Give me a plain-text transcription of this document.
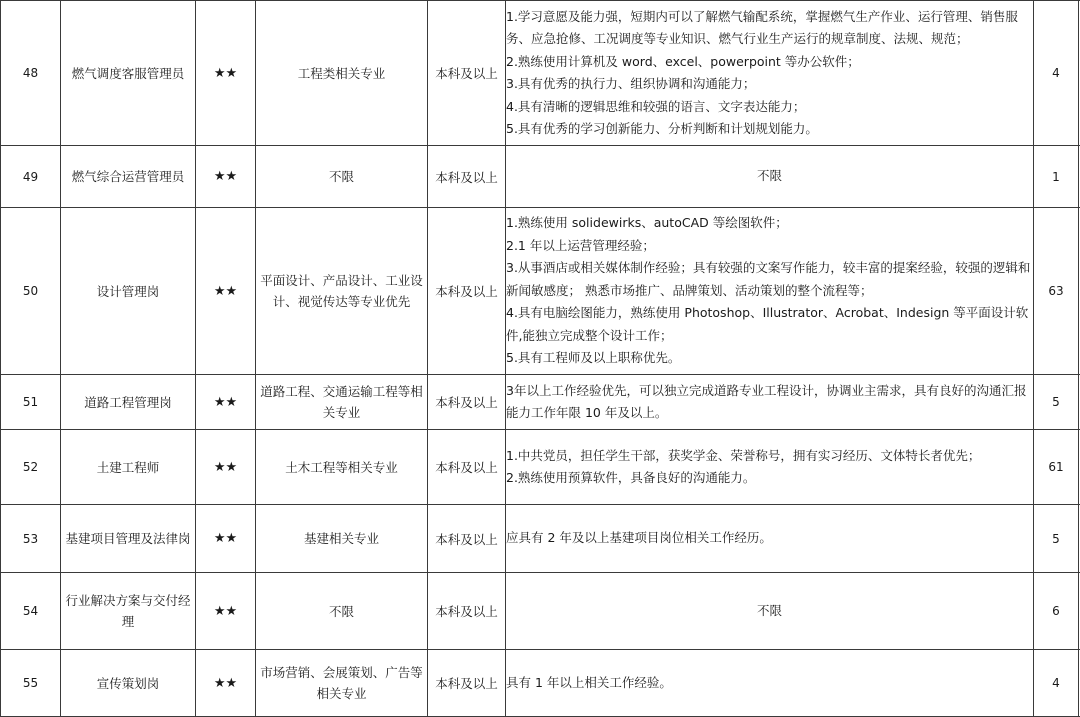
48	燃气调度客服管理员	★★	工程类相关专业	本科及以上	1.学习意愿及能力强，短期内可以了解燃气输配系统，掌握燃气生产作业、运行管理、销售服务、应急抢修、工况调度等专业知识、燃气行业生产运行的规章制度、法规、规范；
2.熟练使用计算机及 word、excel、powerpoint 等办公软件；
3.具有优秀的执行力、组织协调和沟通能力；
4.具有清晰的逻辑思维和较强的语言、文字表达能力；
5.具有优秀的学习创新能力、分析判断和计划规划能力。	4	
49	燃气综合运营管理员	★★	不限	本科及以上	不限	1	
50	设计管理岗	★★	平面设计、产品设计、工业设计、视觉传达等专业优先	本科及以上	1.熟练使用 solidewirks、autoCAD 等绘图软件；
2.1 年以上运营管理经验；
3.从事酒店或相关媒体制作经验；具有较强的文案写作能力，较丰富的提案经验，较强的逻辑和新闻敏感度； 熟悉市场推广、品牌策划、活动策划的整个流程等；
4.具有电脑绘图能力，熟练使用 Photoshop、Illustrator、Acrobat、Indesign 等平面设计软件,能独立完成整个设计工作；
5.具有工程师及以上职称优先。	63	
51	道路工程管理岗	★★	道路工程、交通运输工程等相关专业	本科及以上	3年以上工作经验优先，可以独立完成道路专业工程设计，协调业主需求，具有良好的沟通汇报能力工作年限 10 年及以上。	5	
52	土建工程师	★★	土木工程等相关专业	本科及以上	1.中共党员，担任学生干部，获奖学金、荣誉称号，拥有实习经历、文体特长者优先；
2.熟练使用预算软件，具备良好的沟通能力。	61	
53	基建项目管理及法律岗	★★	基建相关专业	本科及以上	应具有 2 年及以上基建项目岗位相关工作经历。	5	
54	行业解决方案与交付经理	★★	不限	本科及以上	不限	6	
55	宣传策划岗	★★	市场营销、会展策划、广告等相关专业	本科及以上	具有 1 年以上相关工作经验。	4	
